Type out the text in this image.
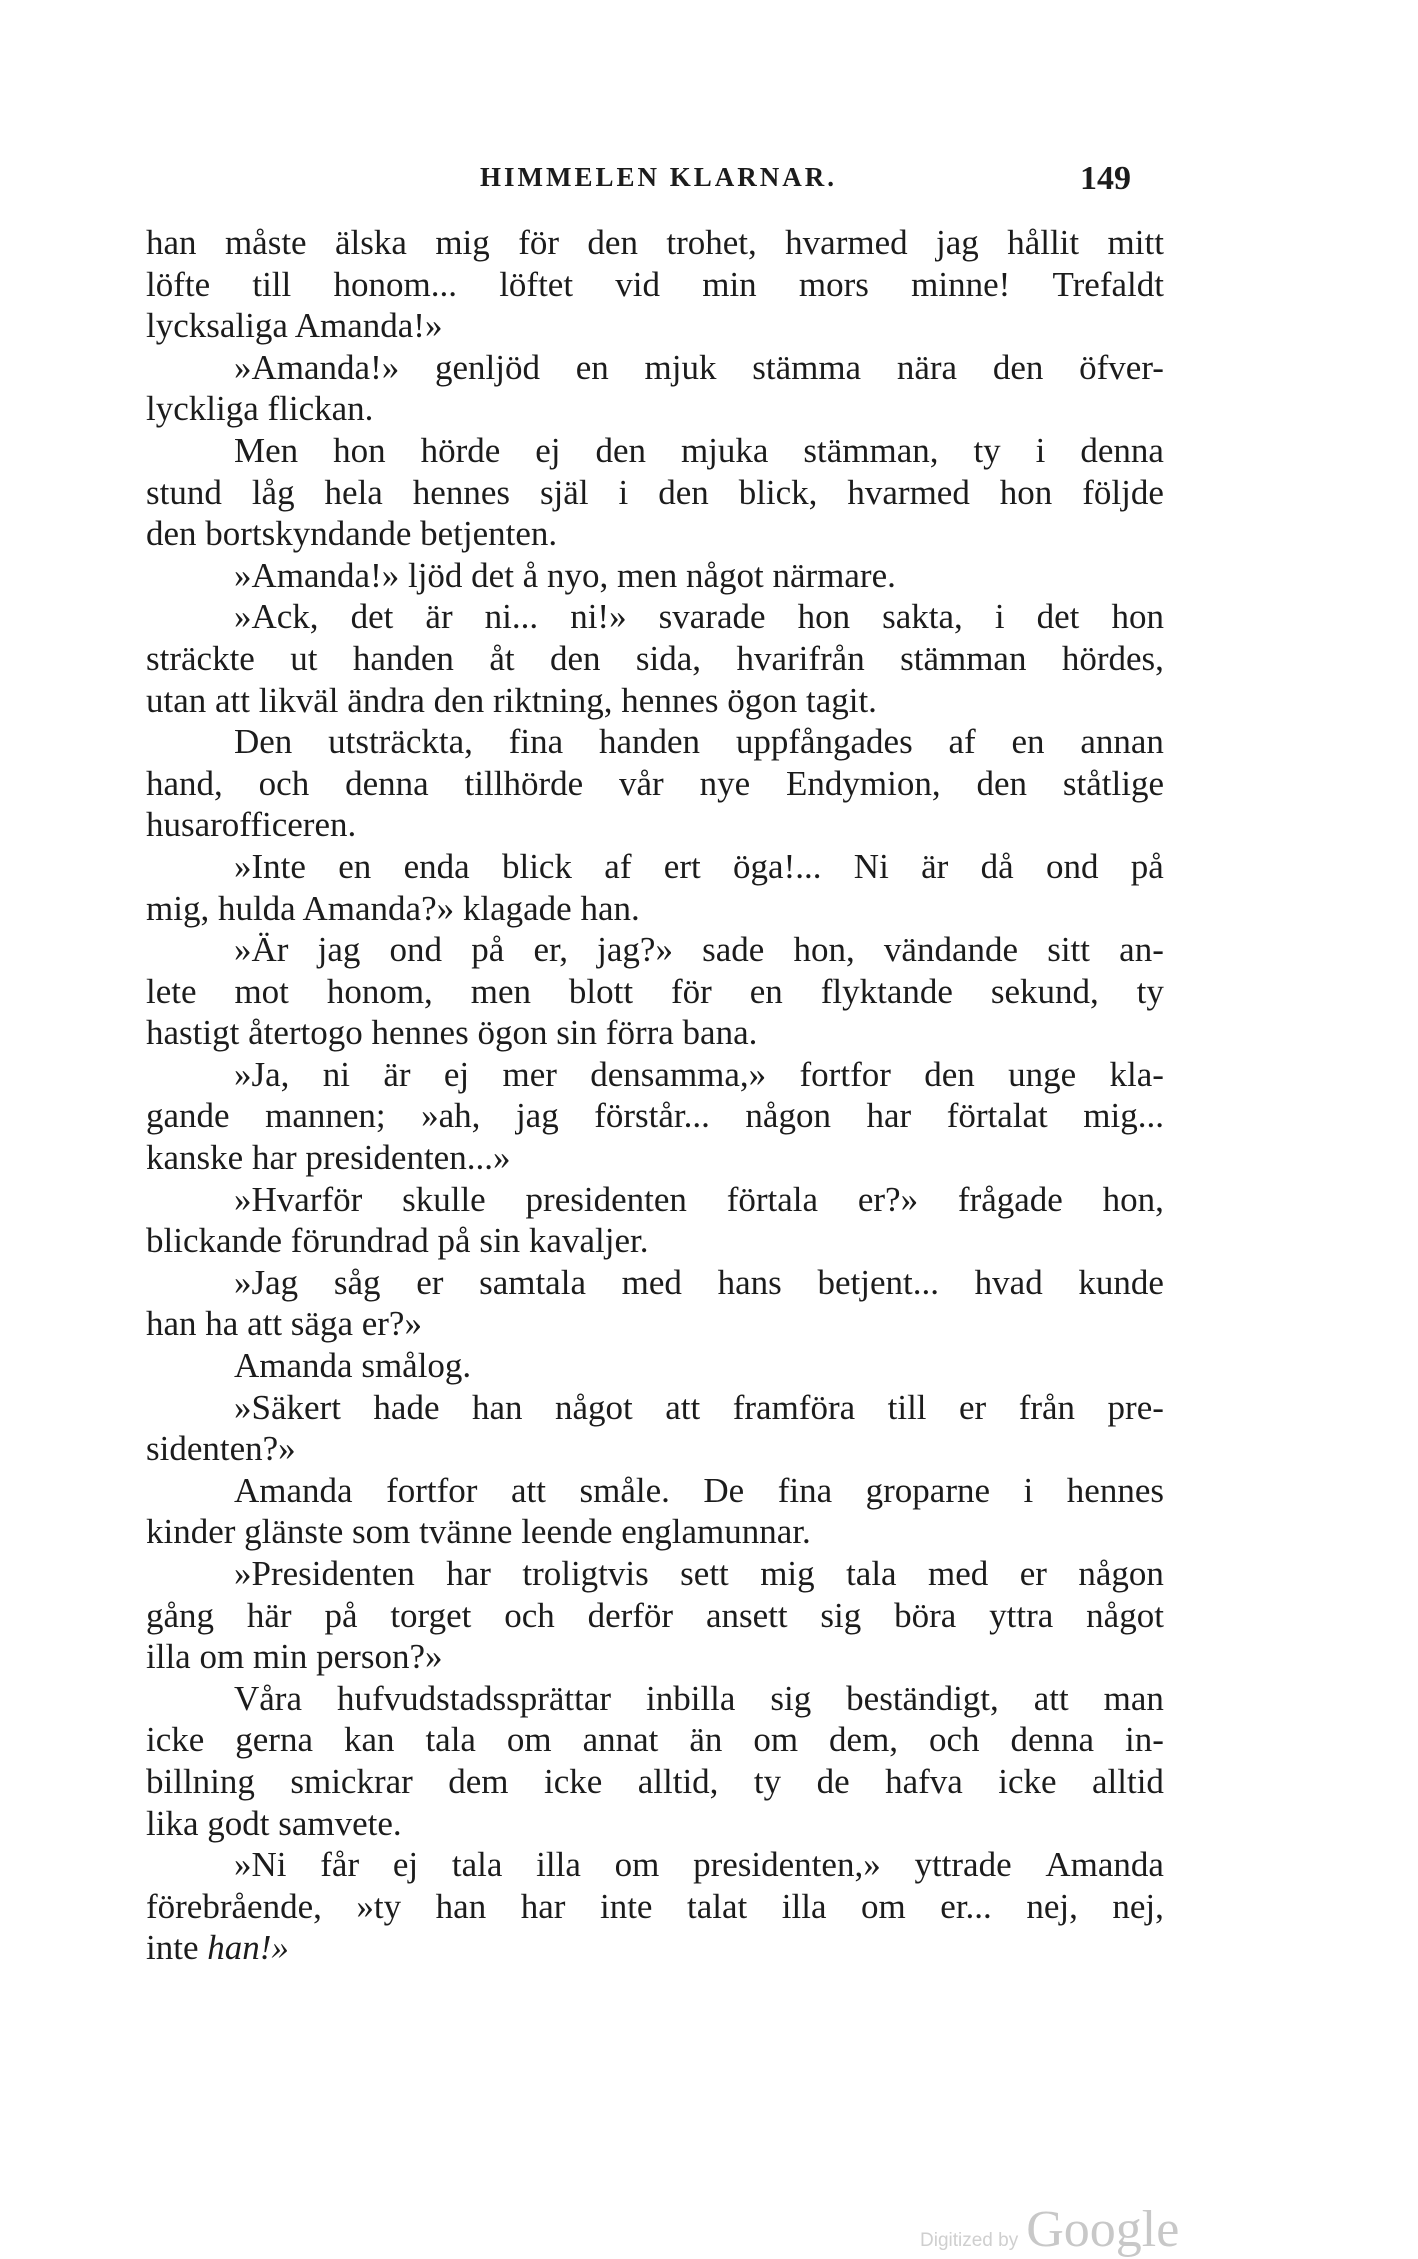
HIMMELEN KLARNAR.	149
han måste älska mig för den trohet, hvarmed jag hållit mitt
löfte till honom... löftet vid min mors minne! Trefaldt
lycksaliga Amanda!»
»Amanda!» genljöd en mjuk stämma nära den öfver-
lyckliga flickan.
Men hon hörde ej den mjuka stämman, ty i denna
stund låg hela hennes själ i den blick, hvarmed hon följde
den bortskyndande betjenten.
»Amanda!» ljöd det å nyo, men något närmare.
»Ack, det är ni... ni!» svarade hon sakta, i det hon
sträckte ut handen åt den sida, hvarifrån stämman hördes,
utan att likväl ändra den riktning, hennes ögon tagit.
Den utsträckta, fina handen uppfångades af en annan
hand, och denna tillhörde vår nye Endymion, den ståtlige
husarofficeren.
»Inte en enda blick af ert öga!... Ni är då ond på
mig, hulda Amanda?» klagade han.
»Är jag ond på er, jag?» sade hon, vändande sitt an-
lete mot honom, men blott för en flyktande sekund, ty
hastigt återtogo hennes ögon sin förra bana.
»Ja, ni är ej mer densamma,» fortfor den unge kla-
gande mannen; »ah, jag förstår... någon har förtalat mig...
kanske har presidenten...»
»Hvarför skulle presidenten förtala er?» frågade hon,
blickande förundrad på sin kavaljer.
»Jag såg er samtala med hans betjent... hvad kunde
han ha att säga er?»
Amanda smålog.
»Säkert hade han något att framföra till er från pre-
sidenten?»
Amanda fortfor att småle. De fina groparne i hennes
kinder glänste som tvänne leende englamunnar.
»Presidenten har troligtvis sett mig tala med er någon
gång här på torget och derför ansett sig böra yttra något
illa om min person?»
Våra hufvudstadssprättar inbilla sig beständigt, att man
icke gerna kan tala om annat än om dem, och denna in-
billning smickrar dem icke alltid, ty de hafva icke alltid
lika godt samvete.
»Ni får ej tala illa om presidenten,» yttrade Amanda
förebrående, »ty han har inte talat illa om er... nej, nej,
inte han!»
Digitized by Google
